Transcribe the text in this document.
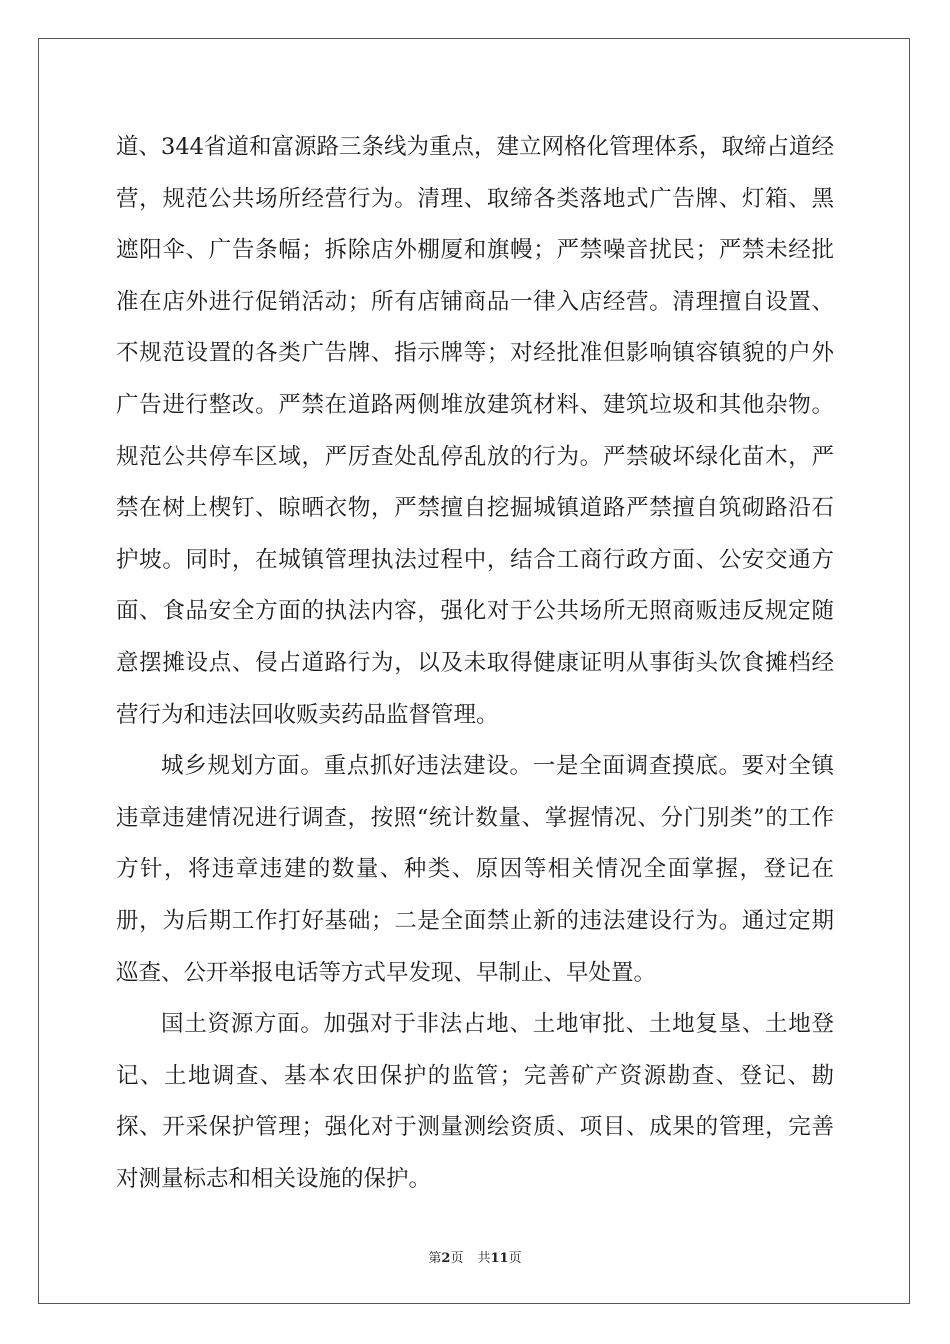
道、344省道和富源路三条线为重点，建立网格化管理体系，取缔占道经营，规范公共场所经营行为。清理、取缔各类落地式广告牌、灯箱、黑遮阳伞、广告条幅；拆除店外棚厦和旗幔；严禁噪音扰民；严禁未经批准在店外进行促销活动；所有店铺商品一律入店经营。清理擅自设置、不规范设置的各类广告牌、指示牌等；对经批准但影响镇容镇貌的户外广告进行整改。严禁在道路两侧堆放建筑材料、建筑垃圾和其他杂物。规范公共停车区域，严厉查处乱停乱放的行为。严禁破坏绿化苗木，严禁在树上楔钉、晾晒衣物，严禁擅自挖掘城镇道路严禁擅自筑砌路沿石护坡。同时，在城镇管理执法过程中，结合工商行政方面、公安交通方面、食品安全方面的执法内容，强化对于公共场所无照商贩违反规定随意摆摊设点、侵占道路行为，以及未取得健康证明从事街头饮食摊档经营行为和违法回收贩卖药品监督管理。

城乡规划方面。重点抓好违法建设。一是全面调查摸底。要对全镇违章违建情况进行调查，按照“统计数量、掌握情况、分门别类”的工作方针，将违章违建的数量、种类、原因等相关情况全面掌握，登记在册，为后期工作打好基础；二是全面禁止新的违法建设行为。通过定期巡查、公开举报电话等方式早发现、早制止、早处置。

国土资源方面。加强对于非法占地、土地审批、土地复垦、土地登记、土地调查、基本农田保护的监管；完善矿产资源勘查、登记、勘探、开采保护管理；强化对于测量测绘资质、项目、成果的管理，完善对测量标志和相关设施的保护。

第2页 共11页
